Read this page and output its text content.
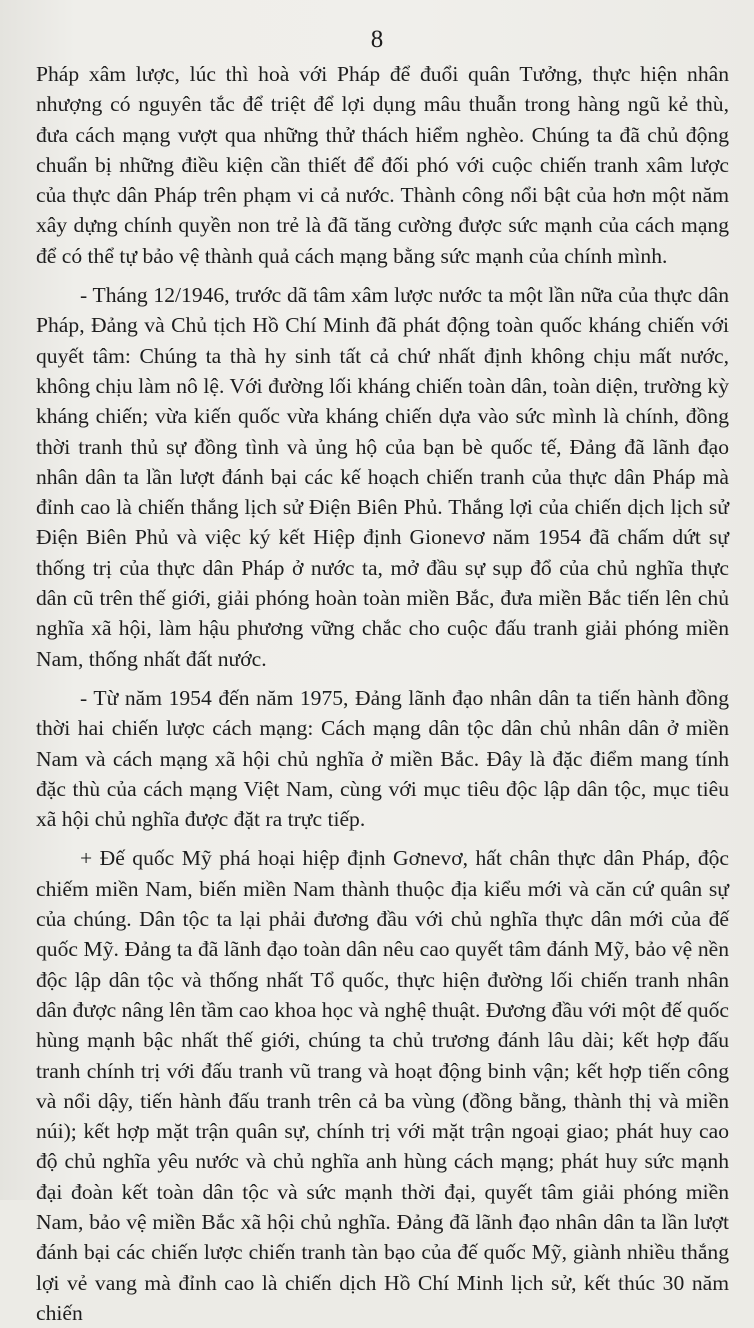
8

Pháp xâm lược, lúc thì hoà với Pháp để đuổi quân Tưởng, thực hiện nhân nhượng có nguyên tắc để triệt để lợi dụng mâu thuẫn trong hàng ngũ kẻ thù, đưa cách mạng vượt qua những thử thách hiểm nghèo. Chúng ta đã chủ động chuẩn bị những điều kiện cần thiết để đối phó với cuộc chiến tranh xâm lược của thực dân Pháp trên phạm vi cả nước. Thành công nổi bật của hơn một năm xây dựng chính quyền non trẻ là đã tăng cường được sức mạnh của cách mạng để có thể tự bảo vệ thành quả cách mạng bằng sức mạnh của chính mình.

- Tháng 12/1946, trước dã tâm xâm lược nước ta một lần nữa của thực dân Pháp, Đảng và Chủ tịch Hồ Chí Minh đã phát động toàn quốc kháng chiến với quyết tâm: Chúng ta thà hy sinh tất cả chứ nhất định không chịu mất nước, không chịu làm nô lệ. Với đường lối kháng chiến toàn dân, toàn diện, trường kỳ kháng chiến; vừa kiến quốc vừa kháng chiến dựa vào sức mình là chính, đồng thời tranh thủ sự đồng tình và ủng hộ của bạn bè quốc tế, Đảng đã lãnh đạo nhân dân ta lần lượt đánh bại các kế hoạch chiến tranh của thực dân Pháp mà đỉnh cao là chiến thắng lịch sử Điện Biên Phủ. Thắng lợi của chiến dịch lịch sử Điện Biên Phủ và việc ký kết Hiệp định Gionevơ năm 1954 đã chấm dứt sự thống trị của thực dân Pháp ở nước ta, mở đầu sự sụp đổ của chủ nghĩa thực dân cũ trên thế giới, giải phóng hoàn toàn miền Bắc, đưa miền Bắc tiến lên chủ nghĩa xã hội, làm hậu phương vững chắc cho cuộc đấu tranh giải phóng miền Nam, thống nhất đất nước.

- Từ năm 1954 đến năm 1975, Đảng lãnh đạo nhân dân ta tiến hành đồng thời hai chiến lược cách mạng: Cách mạng dân tộc dân chủ nhân dân ở miền Nam và cách mạng xã hội chủ nghĩa ở miền Bắc. Đây là đặc điểm mang tính đặc thù của cách mạng Việt Nam, cùng với mục tiêu độc lập dân tộc, mục tiêu xã hội chủ nghĩa được đặt ra trực tiếp.

+ Đế quốc Mỹ phá hoại hiệp định Gơnevơ, hất chân thực dân Pháp, độc chiếm miền Nam, biến miền Nam thành thuộc địa kiểu mới và căn cứ quân sự của chúng. Dân tộc ta lại phải đương đầu với chủ nghĩa thực dân mới của đế quốc Mỹ. Đảng ta đã lãnh đạo toàn dân nêu cao quyết tâm đánh Mỹ, bảo vệ nền độc lập dân tộc và thống nhất Tổ quốc, thực hiện đường lối chiến tranh nhân dân được nâng lên tầm cao khoa học và nghệ thuật. Đương đầu với một đế quốc hùng mạnh bậc nhất thế giới, chúng ta chủ trương đánh lâu dài; kết hợp đấu tranh chính trị với đấu tranh vũ trang và hoạt động binh vận; kết hợp tiến công và nổi dậy, tiến hành đấu tranh trên cả ba vùng (đồng bằng, thành thị và miền núi); kết hợp mặt trận quân sự, chính trị với mặt trận ngoại giao; phát huy cao độ chủ nghĩa yêu nước và chủ nghĩa anh hùng cách mạng; phát huy sức mạnh đại đoàn kết toàn dân tộc và sức mạnh thời đại, quyết tâm giải phóng miền Nam, bảo vệ miền Bắc xã hội chủ nghĩa. Đảng đã lãnh đạo nhân dân ta lần lượt đánh bại các chiến lược chiến tranh tàn bạo của đế quốc Mỹ, giành nhiều thắng lợi vẻ vang mà đỉnh cao là chiến dịch Hồ Chí Minh lịch sử, kết thúc 30 năm chiến
